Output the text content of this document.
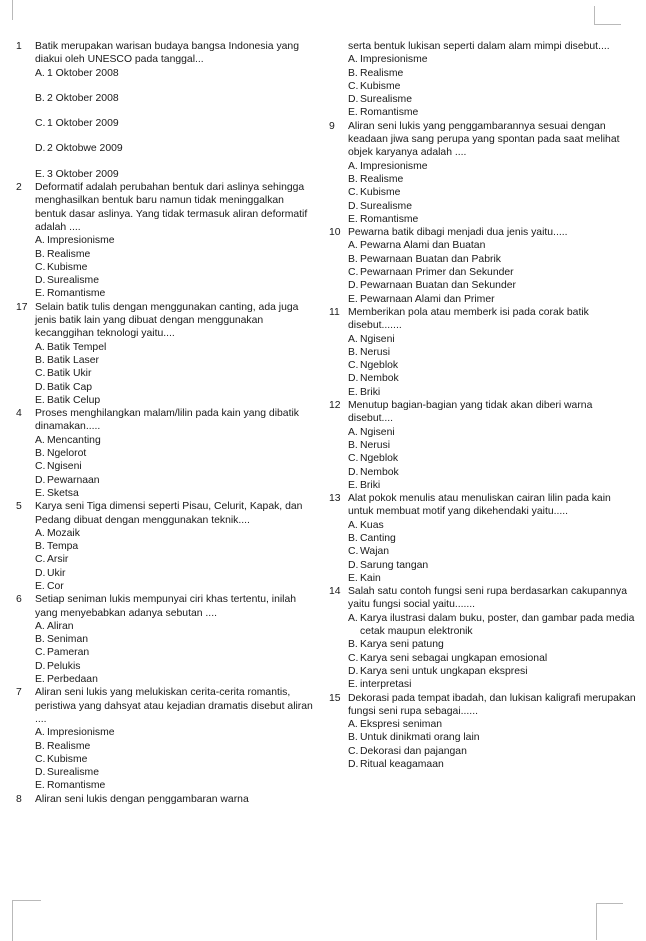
1 Batik merupakan warisan budaya bangsa Indonesia yang diakui oleh UNESCO pada tanggal...
A. 1 Oktober 2008
B. 2 Oktober 2008
C. 1 Oktober 2009
D. 2 Oktobwe 2009
E. 3 Oktober 2009
2 Deformatif adalah perubahan bentuk dari aslinya sehingga menghasilkan bentuk baru namun tidak meninggalkan bentuk dasar aslinya. Yang tidak termasuk aliran deformatif adalah ....
A. Impresionisme
B. Realisme
C. Kubisme
D. Surealisme
E. Romantisme
17 Selain batik tulis dengan menggunakan canting, ada juga jenis batik lain yang dibuat dengan menggunakan kecanggihan teknologi yaitu....
A. Batik Tempel
B. Batik Laser
C. Batik Ukir
D. Batik Cap
E. Batik Celup
4 Proses menghilangkan malam/lilin pada kain yang dibatik dinamakan.....
A. Mencanting
B. Ngelorot
C. Ngiseni
D. Pewarnaan
E. Sketsa
5 Karya seni Tiga dimensi seperti Pisau, Celurit, Kapak, dan Pedang dibuat dengan menggunakan teknik....
A. Mozaik
B. Tempa
C. Arsir
D. Ukir
E. Cor
6 Setiap seniman lukis mempunyai ciri khas tertentu, inilah yang menyebabkan adanya sebutan ....
A. Aliran
B. Seniman
C. Pameran
D. Pelukis
E. Perbedaan
7 Aliran seni lukis yang melukiskan cerita-cerita romantis, peristiwa yang dahsyat atau kejadian dramatis disebut aliran ....
A. Impresionisme
B. Realisme
C. Kubisme
D. Surealisme
E. Romantisme
8 Aliran seni lukis dengan penggambaran warna
serta bentuk lukisan seperti dalam alam mimpi disebut....
A. Impresionisme
B. Realisme
C. Kubisme
D. Surealisme
E. Romantisme
9 Aliran seni lukis yang penggambarannya sesuai dengan keadaan jiwa sang perupa yang spontan pada saat melihat objek karyanya adalah ....
A. Impresionisme
B. Realisme
C. Kubisme
D. Surealisme
E. Romantisme
10 Pewarna batik dibagi menjadi dua jenis yaitu.....
A. Pewarna Alami dan Buatan
B. Pewarnaan Buatan dan Pabrik
C. Pewarnaan Primer dan Sekunder
D. Pewarnaan Buatan dan Sekunder
E. Pewarnaan Alami dan Primer
11 Memberikan pola atau memberk isi pada corak batik disebut.......
A. Ngiseni
B. Nerusi
C. Ngeblok
D. Nembok
E. Briki
12 Menutup bagian-bagian yang tidak akan diberi warna disebut....
A. Ngiseni
B. Nerusi
C. Ngeblok
D. Nembok
E. Briki
13 Alat pokok menulis atau menuliskan cairan lilin pada kain untuk membuat motif yang dikehendaki yaitu.....
A. Kuas
B. Canting
C. Wajan
D. Sarung tangan
E. Kain
14 Salah satu contoh fungsi seni rupa berdasarkan cakupannya yaitu fungsi social yaitu.......
A. Karya ilustrasi dalam buku, poster, dan gambar pada media cetak maupun elektronik
B. Karya seni patung
C. Karya seni sebagai ungkapan emosional
D. Karya seni untuk ungkapan ekspresi
E. interpretasi
15 Dekorasi pada tempat ibadah, dan lukisan kaligrafi merupakan fungsi seni rupa sebagai......
A. Ekspresi seniman
B. Untuk dinikmati orang lain
C. Dekorasi dan pajangan
D. Ritual keagamaan
